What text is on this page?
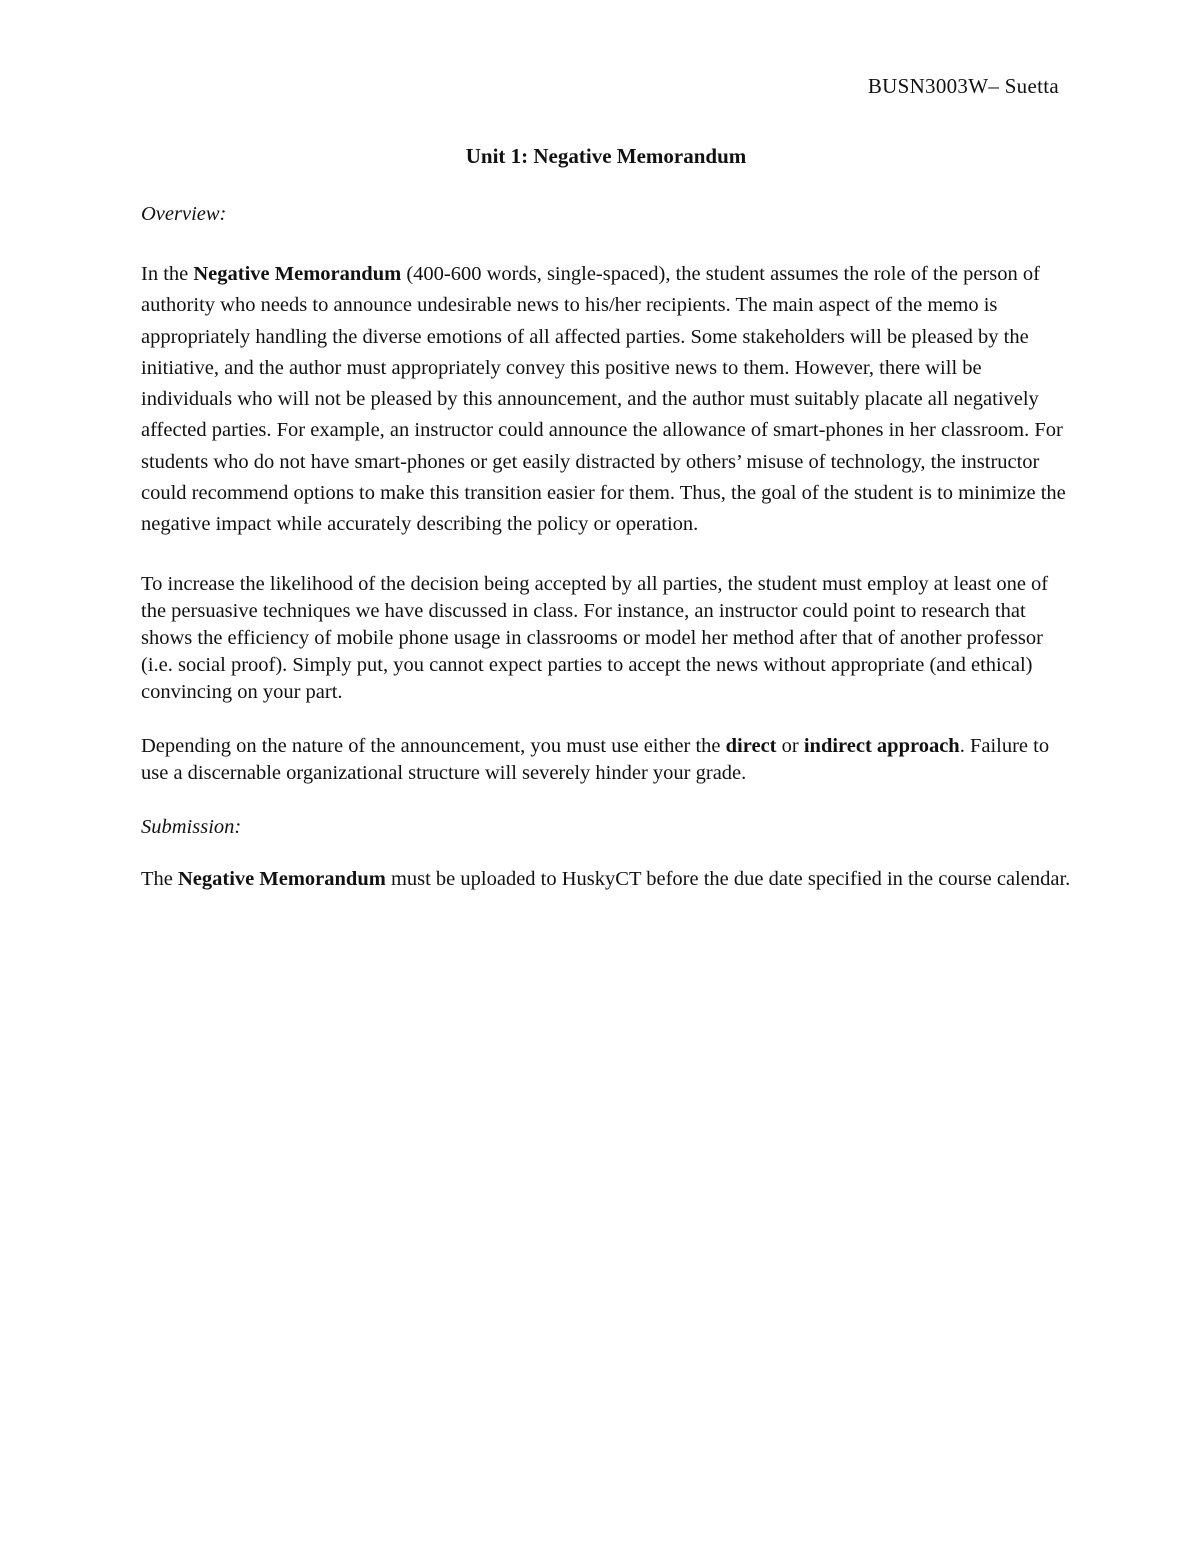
BUSN3003W– Suetta
Unit 1: Negative Memorandum
Overview:

In the Negative Memorandum (400-600 words, single-spaced), the student assumes the role of the person of authority who needs to announce undesirable news to his/her recipients. The main aspect of the memo is appropriately handling the diverse emotions of all affected parties. Some stakeholders will be pleased by the initiative, and the author must appropriately convey this positive news to them. However, there will be individuals who will not be pleased by this announcement, and the author must suitably placate all negatively affected parties. For example, an instructor could announce the allowance of smart-phones in her classroom. For students who do not have smart-phones or get easily distracted by others’ misuse of technology, the instructor could recommend options to make this transition easier for them. Thus, the goal of the student is to minimize the negative impact while accurately describing the policy or operation.

To increase the likelihood of the decision being accepted by all parties, the student must employ at least one of the persuasive techniques we have discussed in class. For instance, an instructor could point to research that shows the efficiency of mobile phone usage in classrooms or model her method after that of another professor (i.e. social proof). Simply put, you cannot expect parties to accept the news without appropriate (and ethical) convincing on your part.

Depending on the nature of the announcement, you must use either the direct or indirect approach. Failure to use a discernable organizational structure will severely hinder your grade.

Submission:

The Negative Memorandum must be uploaded to HuskyCT before the due date specified in the course calendar.
